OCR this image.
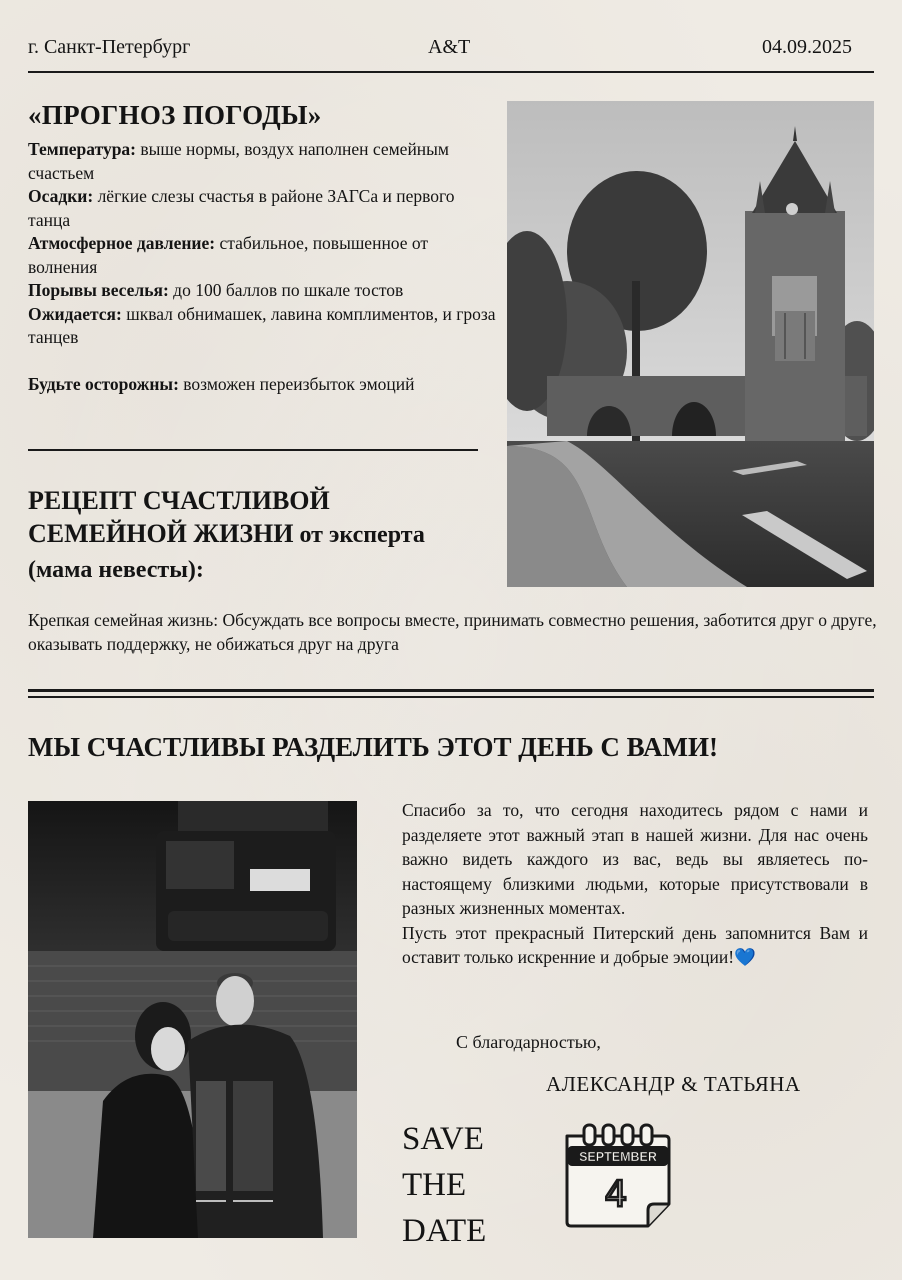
г. Санкт-Петербург	A&T	04.09.2025
«ПРОГНОЗ ПОГОДЫ»

Температура: выше нормы, воздух наполнен семейным счастьем

Осадки: лёгкие слезы счастья в районе ЗАГСа и первого танца

Атмосферное давление: стабильное, повышенное от волнения

Порывы веселья: до 100 баллов по шкале тостов

Ожидается: шквал обнимашек, лавина комплиментов, и гроза танцев

Будьте осторожны: возможен переизбыток эмоций

РЕЦЕПТ СЧАСТЛИВОЙ СЕМЕЙНОЙ ЖИЗНИ от эксперта (мама невесты):
Крепкая семейная жизнь: Обсуждать все вопросы вместе, принимать совместно решения, заботится друг о друге, оказывать поддержку, не обижаться друг на друга
МЫ СЧАСТЛИВЫ РАЗДЕЛИТЬ ЭТОТ ДЕНЬ С ВАМИ!

Спасибо за то, что сегодня находитесь рядом с нами и разделяете этот важный этап в нашей жизни. Для нас очень важно видеть каждого из вас, ведь вы являетесь по-настоящему близкими людьми, которые присутствовали в разных жизненных моментах.

Пусть этот прекрасный Питерский день запомнится Вам и оставит только искренние и добрые эмоции!💙

С благодарностью,
АЛЕКСАНДР & ТАТЬЯНА
SAVE
THE
DATE
SEPTEMBER
4
